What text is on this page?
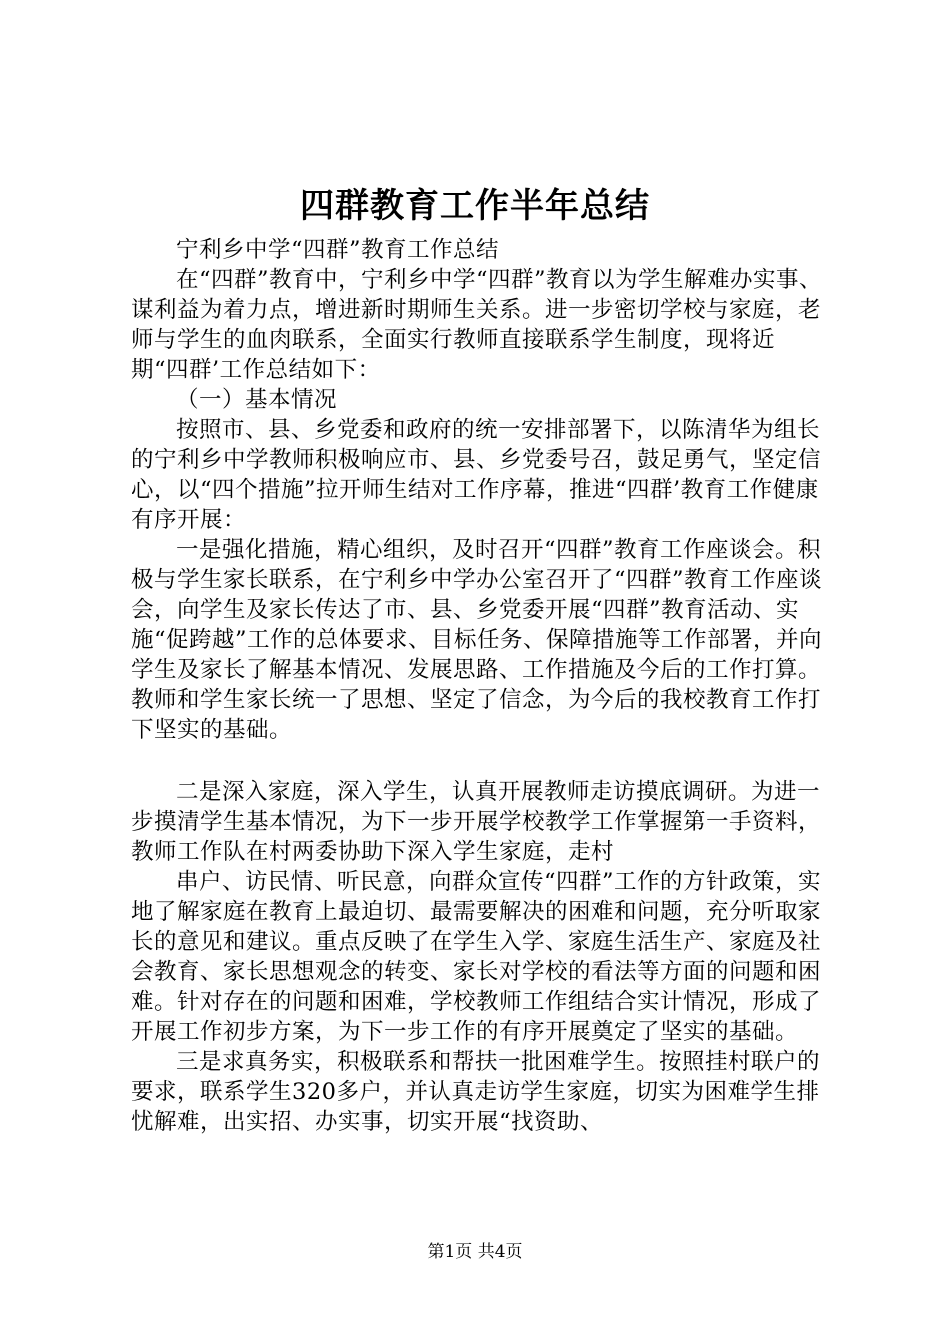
四群教育工作半年总结

宁利乡中学“四群”教育工作总结

在“四群”教育中，宁利乡中学“四群”教育以为学生解难办实事、谋利益为着力点，增进新时期师生关系。进一步密切学校与家庭，老师与学生的血肉联系，全面实行教师直接联系学生制度，现将近期“四群’工作总结如下：

（一）基本情况

按照市、县、乡党委和政府的统一安排部署下，以陈清华为组长的宁利乡中学教师积极响应市、县、乡党委号召，鼓足勇气，坚定信心，以“四个措施”拉开师生结对工作序幕，推进“四群’教育工作健康有序开展：

一是强化措施，精心组织，及时召开“四群”教育工作座谈会。积极与学生家长联系，在宁利乡中学办公室召开了“四群”教育工作座谈会，向学生及家长传达了市、县、乡党委开展“四群”教育活动、实施“促跨越”工作的总体要求、目标任务、保障措施等工作部署，并向学生及家长了解基本情况、发展思路、工作措施及今后的工作打算。教师和学生家长统一了思想、坚定了信念，为今后的我校教育工作打下坚实的基础。

二是深入家庭，深入学生，认真开展教师走访摸底调研。为进一步摸清学生基本情况，为下一步开展学校教学工作掌握第一手资料，教师工作队在村两委协助下深入学生家庭，走村

串户、访民情、听民意，向群众宣传“四群”工作的方针政策，实地了解家庭在教育上最迫切、最需要解决的困难和问题，充分听取家长的意见和建议。重点反映了在学生入学、家庭生活生产、家庭及社会教育、家长思想观念的转变、家长对学校的看法等方面的问题和困难。针对存在的问题和困难，学校教师工作组结合实计情况，形成了开展工作初步方案，为下一步工作的有序开展奠定了坚实的基础。

三是求真务实，积极联系和帮扶一批困难学生。按照挂村联户的要求，联系学生320多户，并认真走访学生家庭，切实为困难学生排忧解难，出实招、办实事，切实开展“找资助、

第1页 共4页
